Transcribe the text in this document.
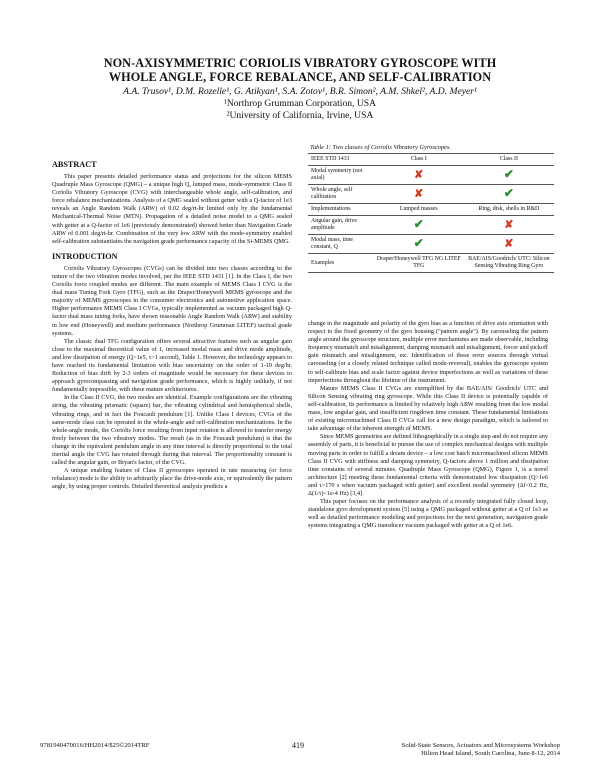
NON-AXISYMMETRIC CORIOLIS VIBRATORY GYROSCOPE WITH
WHOLE ANGLE, FORCE REBALANCE, AND SELF-CALIBRATION
A.A. Trusov¹, D.M. Rozelle¹, G. Atikyan¹, S.A. Zotov¹, B.R. Simon², A.M. Shkel², A.D. Meyer¹
¹Northrop Grumman Corporation, USA
²University of California, Irvine, USA
ABSTRACT

This paper presents detailed performance status and projections for the silicon MEMS Quadruple Mass Gyroscope (QMG) – a unique high Q, lumped mass, mode-symmetric Class II Coriolis Vibratory Gyroscope (CVG) with interchangeable whole angle, self-calibration, and force rebalance mechanizations. Analysis of a QMG sealed without getter with a Q-factor of 1e3 reveals an Angle Random Walk (ARW) of 0.02 deg/rt-hr limited only by the fundamental Mechanical-Thermal Noise (MTN). Propagation of a detailed noise model to a QMG sealed with getter at a Q-factor of 1e6 (previously demonstrated) showed better than Navigation Grade ARW of 0.001 deg/rt-hr. Combination of the very low ARW with the mode-symmetry enabled self-calibration substantiates the navigation grade performance capacity of the Si-MEMS QMG.

INTRODUCTION

Coriolis Vibratory Gyroscopes (CVGs) can be divided into two classes according to the nature of the two vibration modes involved, per the IEEE STD 1431 [1]. In the Class I, the two Coriolis force coupled modes are different. The main example of MEMS Class I CVG is the dual mass Tuning Fork Gyro (TFG), such as the Draper/Honeywell MEMS gyroscope and the majority of MEMS gyroscopes in the consumer electronics and automotive application space. Higher performance MEMS Class I CVGs, typically implemented as vacuum packaged high Q-factor dual mass tuning forks, have shown reasonable Angle Random Walk (ARW) and stability in low end (Honeywell) and medium performance (Northrop Grumman LITEF) tactical grade systems.

The classic dual TFG configuration offers several attractive features such as angular gain close to the maximal theoretical value of 1, increased modal mass and drive mode amplitude, and low dissipation of energy (Q>1e5, τ>1 second), Table 1. However, the technology appears to have reached its fundamental limitation with bias uncertainty on the order of 1-10 deg/hr. Reduction of bias drift by 2-3 orders of magnitude would be necessary for these devices to approach gyrocompassing and navigation grade performance, which is highly unlikely, if not fundamentally impossible, with these mature architectures.

In the Class II CVG, the two modes are identical. Example configurations are the vibrating string, the vibrating prismatic (square) bar, the vibrating cylindrical and hemispherical shells, vibrating rings, and in fact the Foucault pendulum [1]. Unlike Class I devices, CVGs of the same-mode class can be operated in the whole-angle and self-calibration mechanizations. In the whole-angle mode, the Coriolis force resulting from input rotation is allowed to transfer energy freely between the two vibratory modes. The result (as in the Foucault pendulum) is that the change in the equivalent pendulum angle in any time interval is directly proportional to the total inertial angle the CVG has rotated through during that interval. The proportionality constant is called the angular gain, or Bryan's factor, of the CVG.

A unique enabling feature of Class II gyroscopes operated in rate measuring (or force rebalance) mode is the ability to arbitrarily place the drive-mode axis, or equivalently the pattern angle, by using proper controls. Detailed theoretical analysis predicts a

Table 1: Two classes of Coriolis Vibratory Gyroscopes.
IEEE STD 1431	Class I	Class II
Modal symmetry (not axial)	✘	✔
Whole angle, self calibration	✘	✔
Implementations	Lumped masses	Ring, disk, shells in R&D
Angular gain, drive amplitude	✔	✘
Modal mass, time constant, Q	✔	✘
Examples	Draper/Honeywell TFG NG LITEF TFG	BAE/AIS/Goodrich/ UTC/ Silicon Sensing Vibrating Ring Gyro

change in the magnitude and polarity of the gyro bias as a function of drive axis orientation with respect to the fixed geometry of the gyro housing ("pattern angle"). By carouseling the pattern angle around the gyroscope structure, multiple error mechanisms are made observable, including frequency mismatch and misalignment, damping mismatch and misalignment, forcer and pickoff gain mismatch and misalignment, etc. Identification of these error sources through virtual carouseling (or a closely related technique called mode-reversal), enables the gyroscope system to self-calibrate bias and scale factor against device imperfections as well as variations of these imperfections throughout the lifetime of the instrument.

Mature MEMS Class II CVGs are exemplified by the BAE/AIS/ Goodrich/ UTC and Silicon Sensing vibrating ring gyroscope. While this Class II device is potentially capable of self-calibration, its performance is limited by relatively high ARW resulting from the low modal mass, low angular gain, and insufficient ringdown time constant. These fundamental limitations of existing micromachined Class II CVGs call for a new design paradigm, which is tailored to take advantage of the inherent strength of MEMS.

Since MEMS geometries are defined lithographically in a single step and do not require any assembly of parts, it is beneficial to pursue the use of complex mechanical designs with multiple moving parts in order to fulfill a dream device – a low cost batch micromachined silicon MEMS Class II CVG with stiffness and damping symmetry, Q-factors above 1 million and dissipation time constants of several minutes. Quadruple Mass Gyroscope (QMG), Figure 1, is a novel architecture [2] meeting these fundamental criteria with demonstrated low dissipation (Q>1e6 and τ>170 s when vacuum packaged with getter) and excellent modal symmetry (Δf<0.2 Hz, Δ(1/τ)<1e-4 Hz) [3,4].

This paper focuses on the performance analysis of a recently integrated fully closed loop, standalone gyro development system [5] using a QMG packaged without getter at a Q of 1e3 as well as detailed performance modeling and projections for the next generation, navigation grade systems integrating a QMG transducer vacuum packaged with getter at a Q of 1e6.

9781940470016/HH2014/$25©2014TRF	419	Solid-State Sensors, Actuators and Microsystems Workshop
Hilton Head Island, South Carolina, June 8-12, 2014
